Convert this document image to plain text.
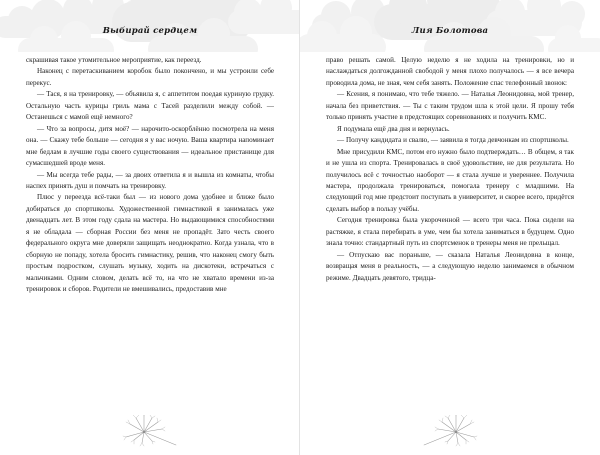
Выбирай сердцем

скрашивая такое утомительное мероприятие, как переезд.

Наконец с перетаскиванием коробок было покончено, и мы устроили себе перекус.

— Тася, я на тренировку, — объявила я, с аппетитом поедая куриную грудку. Остальную часть курицы гриль мама с Тасей разделили между собой. — Останешься с мамой ещё немного?

— Что за вопросы, дитя моё? — нарочито-оскорблённо посмотрела на меня она. — Скажу тебе больше — сегодня я у вас ночую. Ваша квартира напоминает мне бедлам в лучшие годы своего существования — идеальное пристанище для сумасшедшей вроде меня.

— Мы всегда тебе рады, — за двоих ответила я и вышла из комнаты, чтобы наспех принять душ и помчать на тренировку.

Плюс у переезда всё-таки был — из нового дома удобнее и ближе было добираться до спортшколы. Художественной гимнастикой я занималась уже двенадцать лет. В этом году сдала на мастера. Но выдающимися способностями я не обладала — сборная России без меня не пропадёт. Зато честь своего федерального округа мне доверяли защищать неоднократно. Когда узнала, что в сборную не попаду, хотела бросить гимнастику, решив, что наконец смогу быть простым подростком, слушать музыку, ходить на дискотеки, встречаться с мальчиками. Одним словом, делать всё то, на что не хватало времени из-за тренировок и сборов. Родители не вмешивались, предоставив мне

Лия Болотова

право решать самой. Целую неделю я не ходила на тренировки, но и наслаждаться долгожданной свободой у меня плохо получалось — я все вечера проводила дома, не зная, чем себя занять. Положение спас телефонный звонок:

— Ксения, я понимаю, что тебе тяжело. — Наталья Леонидовна, мой тренер, начала без приветствия. — Ты с таким трудом шла к этой цели. Я прошу тебя только принять участие в предстоящих соревнованиях и получить КМС.

Я подумала ещё два дня и вернулась.

— Получу кандидата и свалю, — заявила я тогда девчонкам из спортшколы.

Мне присудили КМС, потом его нужно было подтверждать… В общем, я так и не ушла из спорта. Тренировалась в своё удовольствие, не для результата. Но получилось всё с точностью наоборот — я стала лучше и увереннее. Получила мастера, продолжала тренироваться, помогала тренеру с младшими. На следующий год мне предстоит поступать в университет, и скорее всего, придётся сделать выбор в пользу учёбы.

Сегодня тренировка была укороченной — всего три часа. Пока сидели на растяжке, я стала перебирать в уме, чем бы хотела заниматься в будущем. Одно знала точно: стандартный путь из спортсменок в тренеры меня не прельщал.

— Отпускаю вас пораньше, — сказала Наталья Леонидовна в конце, возвращая меня в реальность, — а следующую неделю занимаемся в обычном режиме. Двадцать девятого, тридца-
